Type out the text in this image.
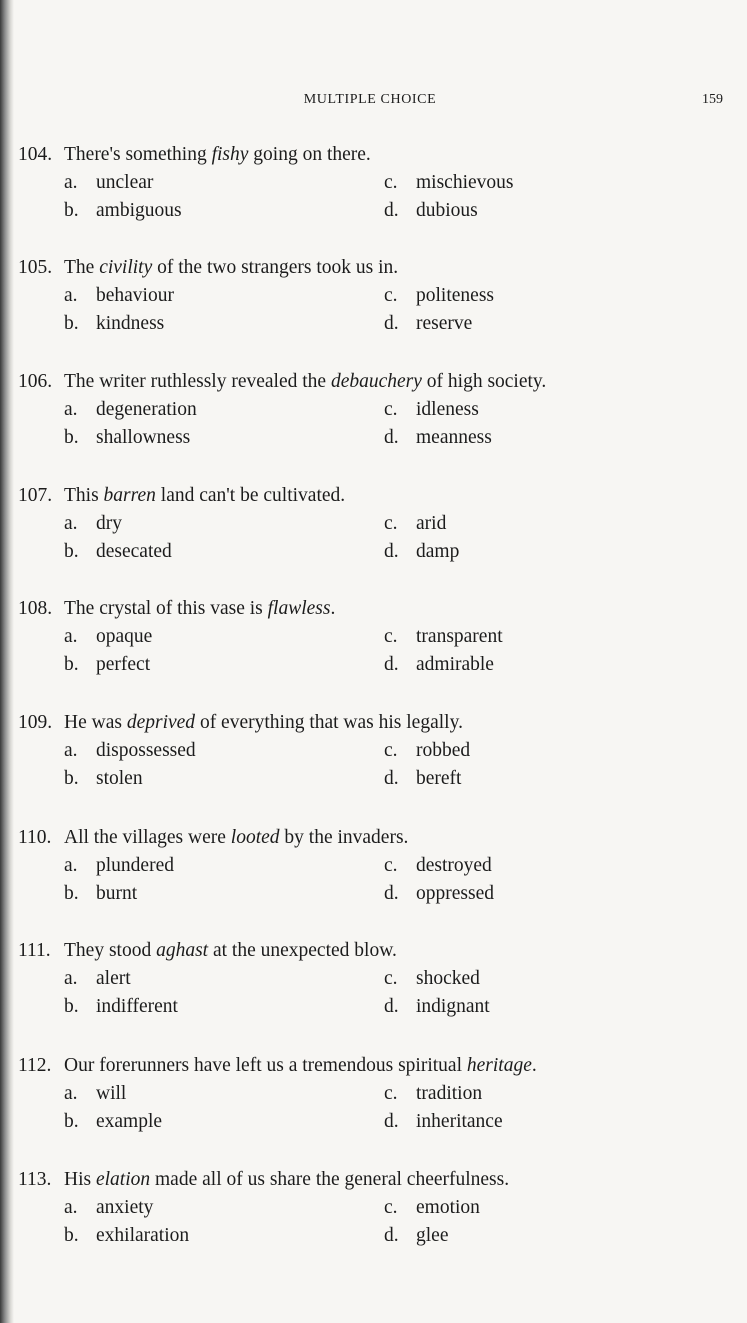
MULTIPLE CHOICE	159
104. There's something fishy going on there.
a. unclear	c. mischievous
b. ambiguous	d. dubious
105. The civility of the two strangers took us in.
a. behaviour	c. politeness
b. kindness	d. reserve
106. The writer ruthlessly revealed the debauchery of high society.
a. degeneration	c. idleness
b. shallowness	d. meanness
107. This barren land can't be cultivated.
a. dry	c. arid
b. desecated	d. damp
108. The crystal of this vase is flawless.
a. opaque	c. transparent
b. perfect	d. admirable
109. He was deprived of everything that was his legally.
a. dispossessed	c. robbed
b. stolen	d. bereft
110. All the villages were looted by the invaders.
a. plundered	c. destroyed
b. burnt	d. oppressed
111. They stood aghast at the unexpected blow.
a. alert	c. shocked
b. indifferent	d. indignant
112. Our forerunners have left us a tremendous spiritual heritage.
a. will	c. tradition
b. example	d. inheritance
113. His elation made all of us share the general cheerfulness.
a. anxiety	c. emotion
b. exhilaration	d. glee
